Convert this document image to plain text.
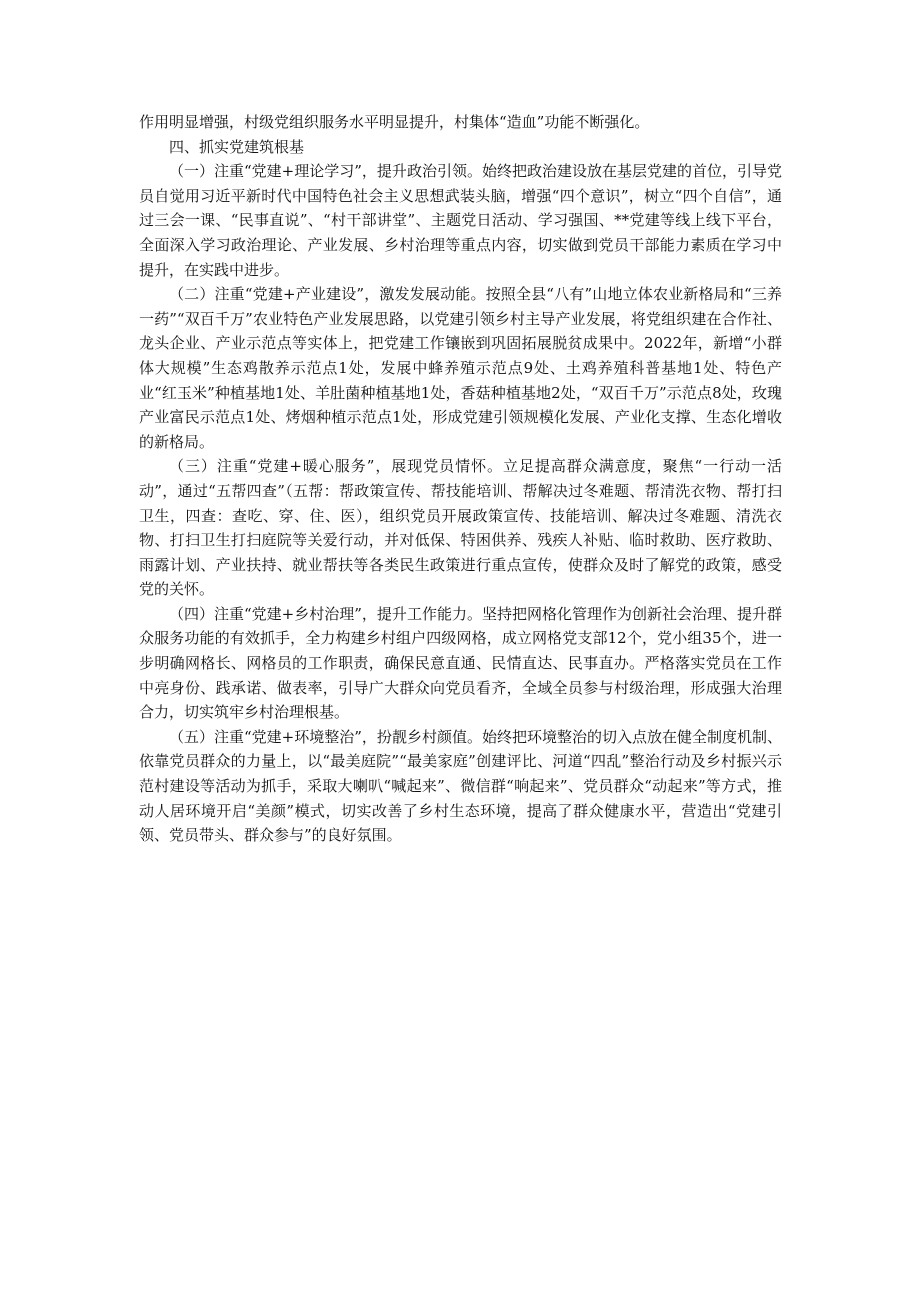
作用明显增强，村级党组织服务水平明显提升，村集体“造血”功能不断强化。

四、抓实党建筑根基

（一）注重“党建+理论学习”，提升政治引领。始终把政治建设放在基层党建的首位，引导党员自觉用习近平新时代中国特色社会主义思想武装头脑，增强“四个意识”，树立“四个自信”，通过三会一课、“民事直说”、“村干部讲堂”、主题党日活动、学习强国、**党建等线上线下平台，全面深入学习政治理论、产业发展、乡村治理等重点内容，切实做到党员干部能力素质在学习中提升，在实践中进步。

（二）注重“党建+产业建设”，激发发展动能。按照全县“八有”山地立体农业新格局和“三养一药”“双百千万”农业特色产业发展思路，以党建引领乡村主导产业发展，将党组织建在合作社、龙头企业、产业示范点等实体上，把党建工作镶嵌到巩固拓展脱贫成果中。2022年，新增“小群体大规模”生态鸡散养示范点1处，发展中蜂养殖示范点9处、土鸡养殖科普基地1处、特色产业“红玉米”种植基地1处、羊肚菌种植基地1处，香菇种植基地2处，“双百千万”示范点8处，玫瑰产业富民示范点1处、烤烟种植示范点1处，形成党建引领规模化发展、产业化支撑、生态化增收的新格局。

（三）注重“党建+暖心服务”，展现党员情怀。立足提高群众满意度，聚焦“一行动一活动”，通过“五帮四查”（五帮：帮政策宣传、帮技能培训、帮解决过冬难题、帮清洗衣物、帮打扫卫生，四查：查吃、穿、住、医），组织党员开展政策宣传、技能培训、解决过冬难题、清洗衣物、打扫卫生打扫庭院等关爱行动，并对低保、特困供养、残疾人补贴、临时救助、医疗救助、雨露计划、产业扶持、就业帮扶等各类民生政策进行重点宣传，使群众及时了解党的政策，感受党的关怀。

（四）注重“党建+乡村治理”，提升工作能力。坚持把网格化管理作为创新社会治理、提升群众服务功能的有效抓手，全力构建乡村组户四级网格，成立网格党支部12个，党小组35个，进一步明确网格长、网格员的工作职责，确保民意直通、民情直达、民事直办。严格落实党员在工作中亮身份、践承诺、做表率，引导广大群众向党员看齐，全域全员参与村级治理，形成强大治理合力，切实筑牢乡村治理根基。

（五）注重“党建+环境整治”，扮靓乡村颜值。始终把环境整治的切入点放在健全制度机制、依靠党员群众的力量上，以“最美庭院”“最美家庭”创建评比、河道“四乱”整治行动及乡村振兴示范村建设等活动为抓手，采取大喇叭“喊起来”、微信群“响起来”、党员群众“动起来”等方式，推动人居环境开启“美颜”模式，切实改善了乡村生态环境，提高了群众健康水平，营造出“党建引领、党员带头、群众参与”的良好氛围。
